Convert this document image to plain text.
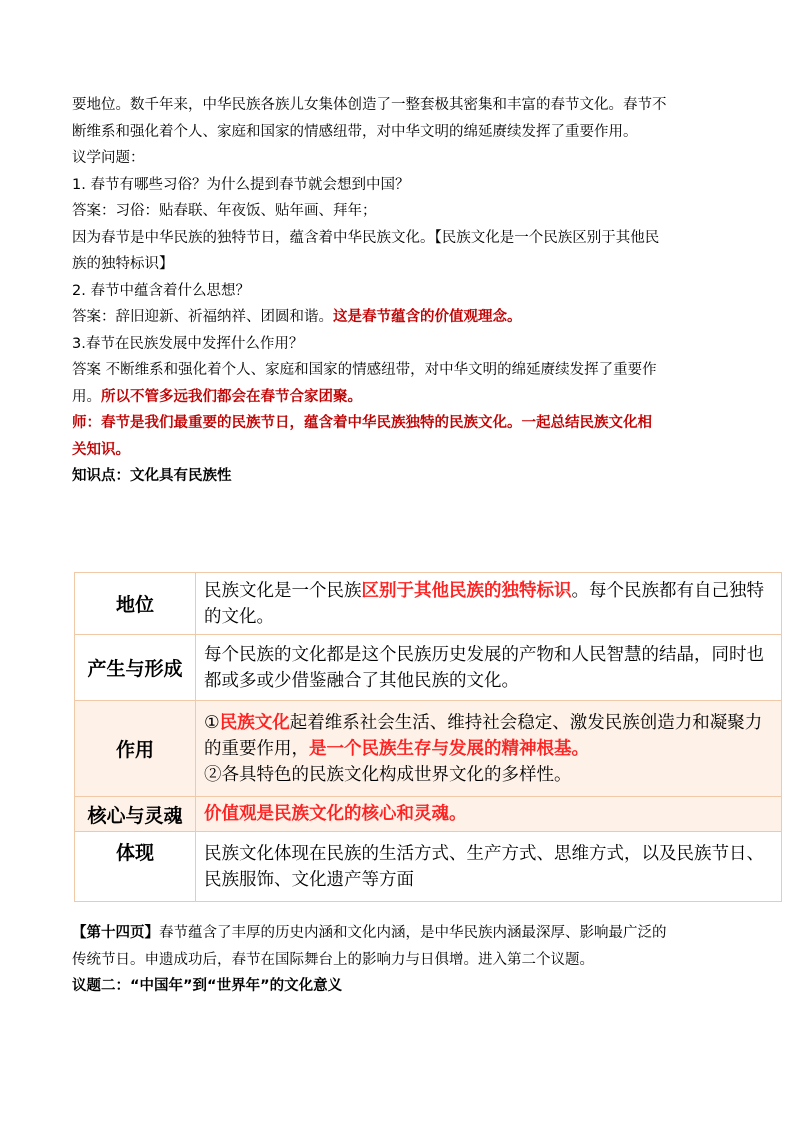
要地位。数千年来，中华民族各族儿女集体创造了一整套极其密集和丰富的春节文化。春节不
断维系和强化着个人、家庭和国家的情感纽带，对中华文明的绵延赓续发挥了重要作用。
议学问题：
1. 春节有哪些习俗？为什么提到春节就会想到中国？
答案：习俗：贴春联、年夜饭、贴年画、拜年；
因为春节是中华民族的独特节日，蕴含着中华民族文化。【民族文化是一个民族区别于其他民
族的独特标识】
2. 春节中蕴含着什么思想？
答案：辞旧迎新、祈福纳祥、团圆和谐。这是春节蕴含的价值观理念。
3.春节在民族发展中发挥什么作用？
答案 不断维系和强化着个人、家庭和国家的情感纽带，对中华文明的绵延赓续发挥了重要作
用。所以不管多远我们都会在春节合家团聚。
师：春节是我们最重要的民族节日，蕴含着中华民族独特的民族文化。一起总结民族文化相
关知识。
知识点：文化具有民族性
地位	民族文化是一个民族区别于其他民族的独特标识。每个民族都有自己独特的文化。
产生与形成	每个民族的文化都是这个民族历史发展的产物和人民智慧的结晶，同时也都或多或少借鉴融合了其他民族的文化。
作用	①民族文化起着维系社会生活、维持社会稳定、激发民族创造力和凝聚力的重要作用，是一个民族生存与发展的精神根基。
②各具特色的民族文化构成世界文化的多样性。
核心与灵魂	价值观是民族文化的核心和灵魂。
体现	民族文化体现在民族的生活方式、生产方式、思维方式，以及民族节日、民族服饰、文化遗产等方面
【第十四页】春节蕴含了丰厚的历史内涵和文化内涵，是中华民族内涵最深厚、影响最广泛的
传统节日。申遗成功后，春节在国际舞台上的影响力与日俱增。进入第二个议题。
议题二：“中国年”到“世界年”的文化意义
